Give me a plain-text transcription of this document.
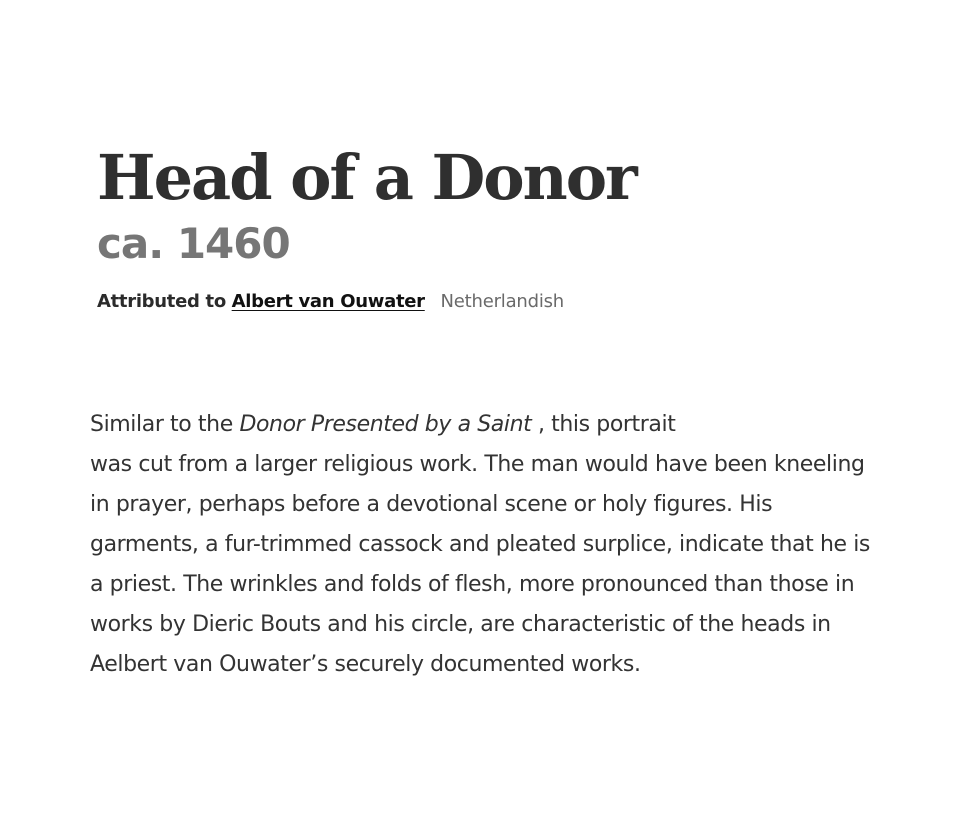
Head of a Donor
ca. 1460
Attributed to Albert van Ouwater Netherlandish

Similar to the Donor Presented by a Saint , this portrait
was cut from a larger religious work. The man would have been kneeling in prayer, perhaps before a devotional scene or holy figures. His garments, a fur-trimmed cassock and pleated surplice, indicate that he is a priest. The wrinkles and folds of flesh, more pronounced than those in works by Dieric Bouts and his circle, are characteristic of the heads in Aelbert van Ouwater’s securely documented works.
